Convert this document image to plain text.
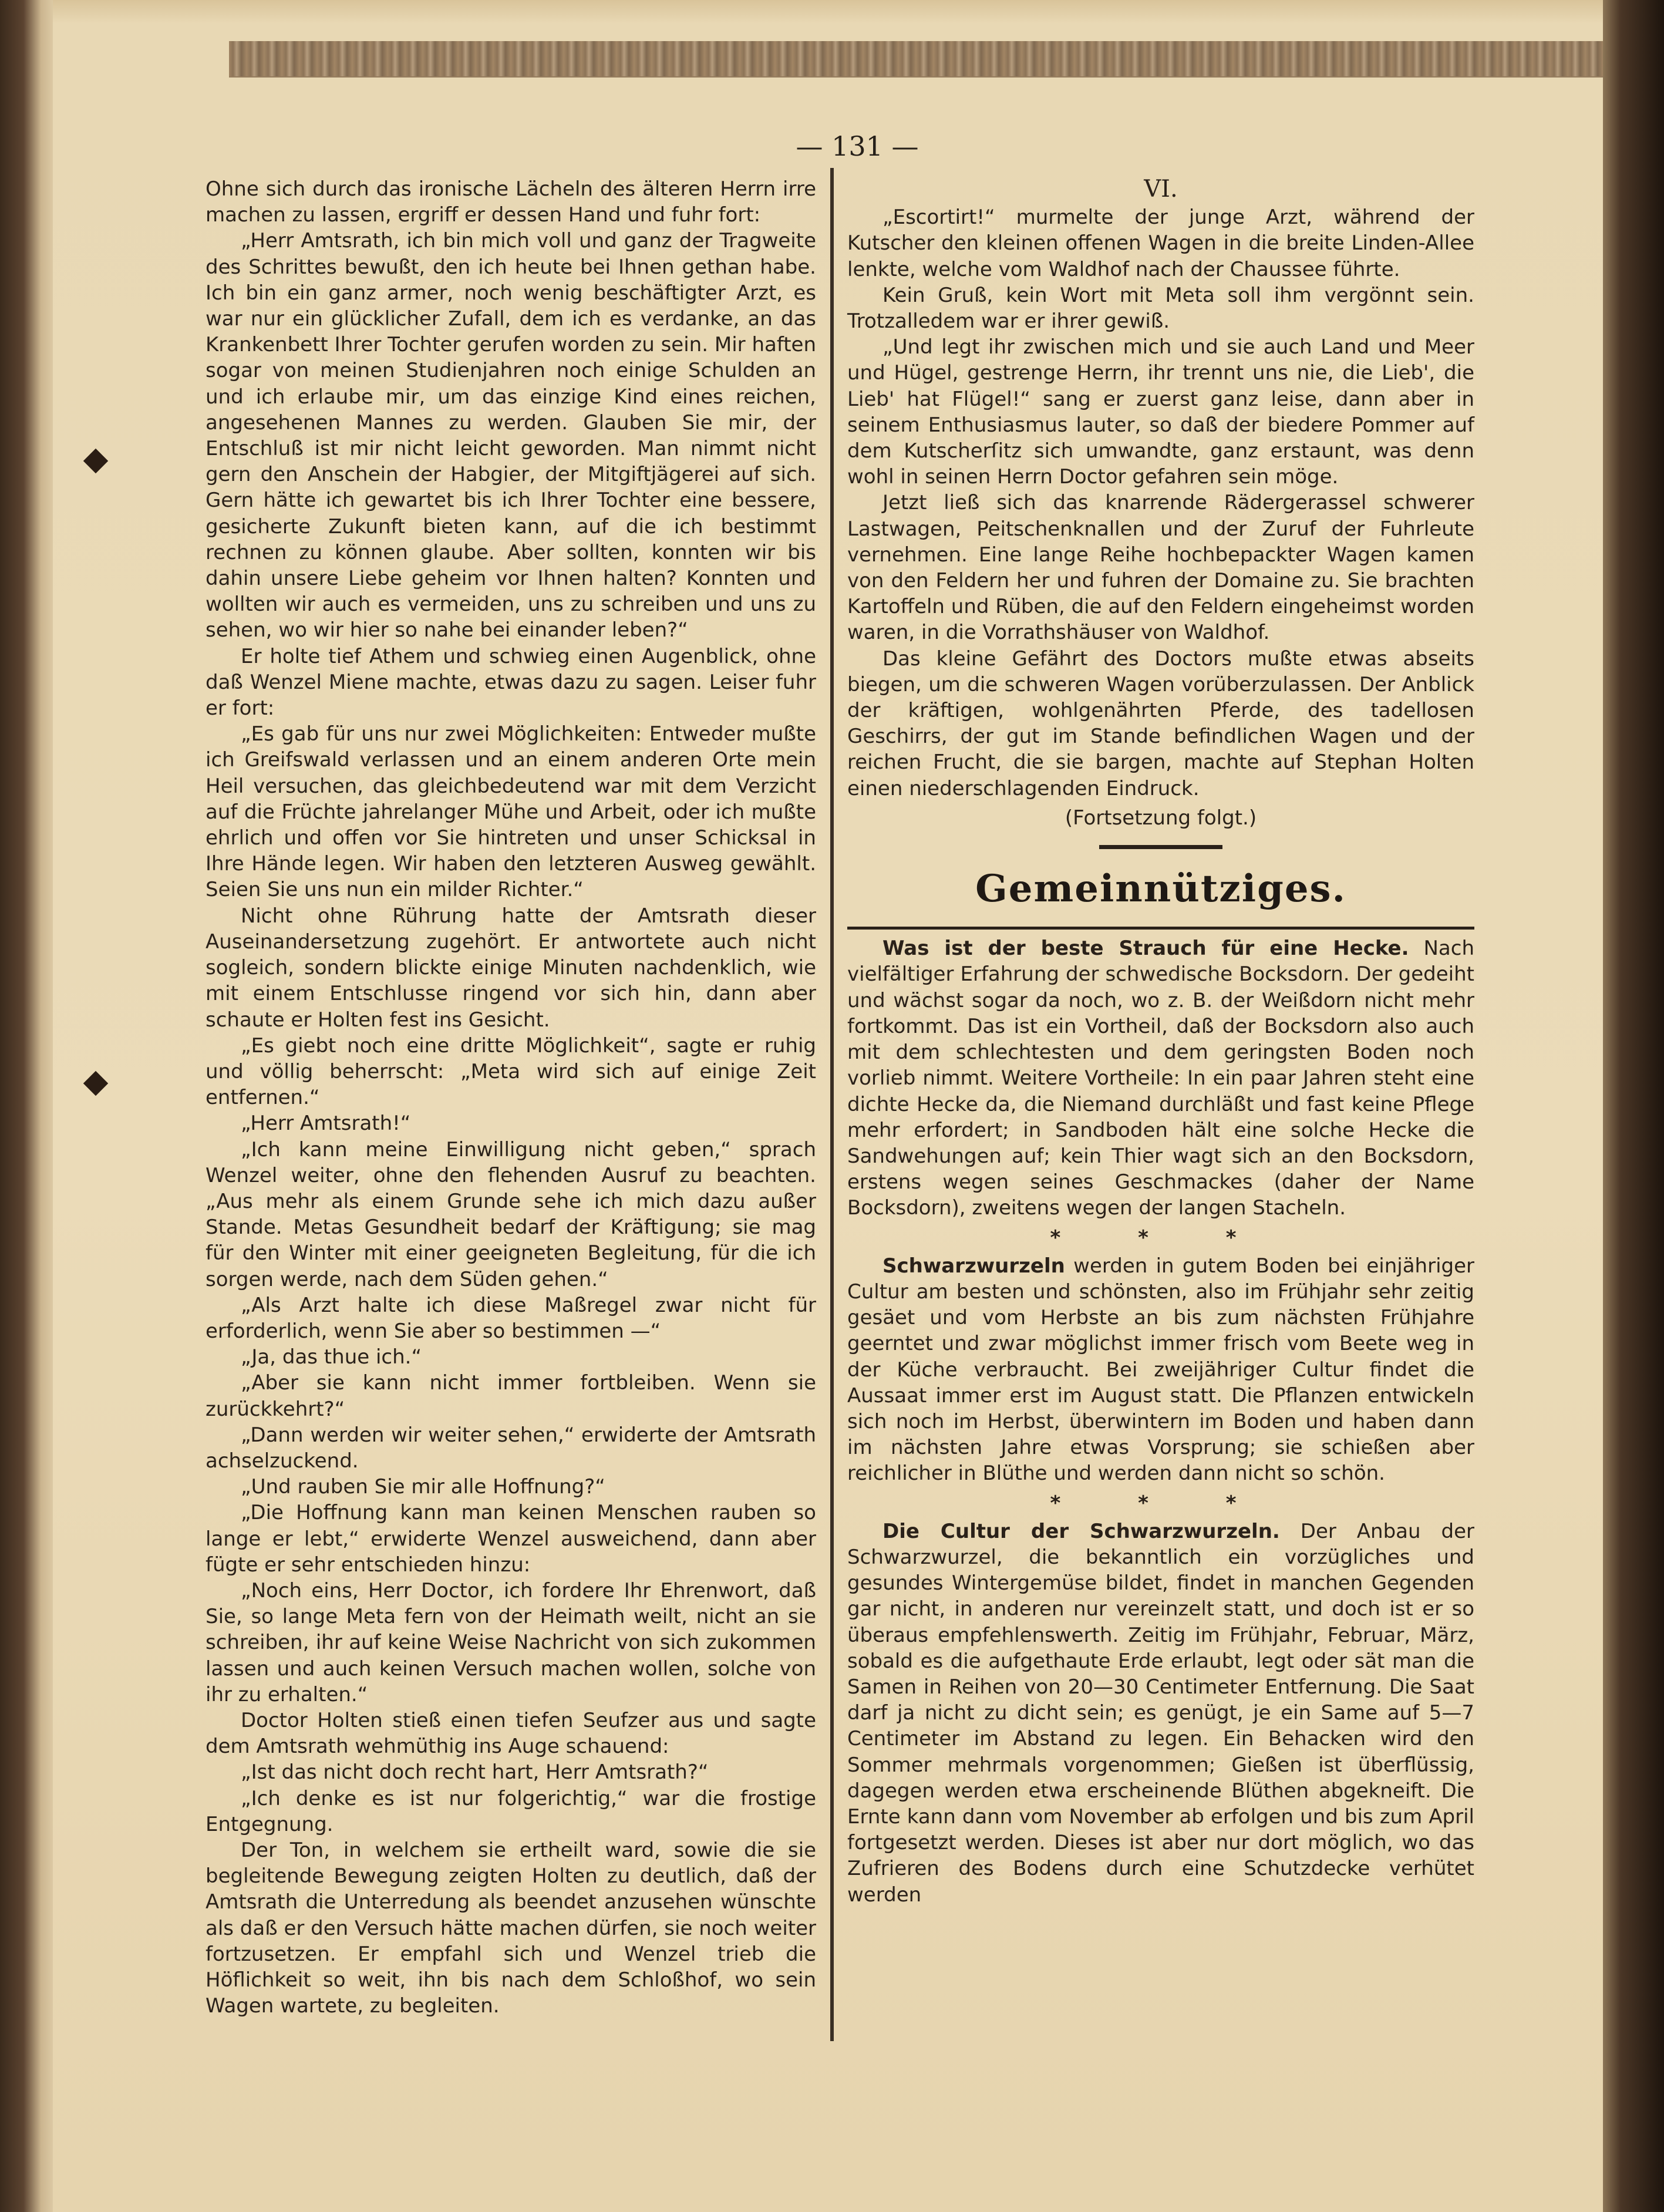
— 131 —

Ohne sich durch das ironische Lächeln des älteren Herrn irre machen zu lassen, ergriff er dessen Hand und fuhr fort:

„Herr Amtsrath, ich bin mich voll und ganz der Tragweite des Schrittes bewußt, den ich heute bei Ihnen gethan habe. Ich bin ein ganz armer, noch wenig beschäftigter Arzt, es war nur ein glücklicher Zufall, dem ich es verdanke, an das Krankenbett Ihrer Tochter gerufen worden zu sein. Mir haften sogar von meinen Studienjahren noch einige Schulden an und ich erlaube mir, um das einzige Kind eines reichen, angesehenen Mannes zu werden. Glauben Sie mir, der Entschluß ist mir nicht leicht geworden. Man nimmt nicht gern den Anschein der Habgier, der Mitgiftjägerei auf sich. Gern hätte ich gewartet bis ich Ihrer Tochter eine bessere, gesicherte Zukunft bieten kann, auf die ich bestimmt rechnen zu können glaube. Aber sollten, konnten wir bis dahin unsere Liebe geheim vor Ihnen halten? Konnten und wollten wir auch es vermeiden, uns zu schreiben und uns zu sehen, wo wir hier so nahe bei einander leben?“

Er holte tief Athem und schwieg einen Augenblick, ohne daß Wenzel Miene machte, etwas dazu zu sagen. Leiser fuhr er fort:

„Es gab für uns nur zwei Möglichkeiten: Entweder mußte ich Greifswald verlassen und an einem anderen Orte mein Heil versuchen, das gleichbedeutend war mit dem Verzicht auf die Früchte jahrelanger Mühe und Arbeit, oder ich mußte ehrlich und offen vor Sie hintreten und unser Schicksal in Ihre Hände legen. Wir haben den letzteren Ausweg gewählt. Seien Sie uns nun ein milder Richter.“

Nicht ohne Rührung hatte der Amtsrath dieser Auseinandersetzung zugehört. Er antwortete auch nicht sogleich, sondern blickte einige Minuten nachdenklich, wie mit einem Entschlusse ringend vor sich hin, dann aber schaute er Holten fest ins Gesicht.

„Es giebt noch eine dritte Möglichkeit“, sagte er ruhig und völlig beherrscht: „Meta wird sich auf einige Zeit entfernen.“

„Herr Amtsrath!“

„Ich kann meine Einwilligung nicht geben,“ sprach Wenzel weiter, ohne den flehenden Ausruf zu beachten. „Aus mehr als einem Grunde sehe ich mich dazu außer Stande. Metas Gesundheit bedarf der Kräftigung; sie mag für den Winter mit einer geeigneten Begleitung, für die ich sorgen werde, nach dem Süden gehen.“

„Als Arzt halte ich diese Maßregel zwar nicht für erforderlich, wenn Sie aber so bestimmen —“

„Ja, das thue ich.“

„Aber sie kann nicht immer fortbleiben. Wenn sie zurückkehrt?“

„Dann werden wir weiter sehen,“ erwiderte der Amtsrath achselzuckend.

„Und rauben Sie mir alle Hoffnung?“

„Die Hoffnung kann man keinen Menschen rauben so lange er lebt,“ erwiderte Wenzel ausweichend, dann aber fügte er sehr entschieden hinzu:

„Noch eins, Herr Doctor, ich fordere Ihr Ehrenwort, daß Sie, so lange Meta fern von der Heimath weilt, nicht an sie schreiben, ihr auf keine Weise Nachricht von sich zukommen lassen und auch keinen Versuch machen wollen, solche von ihr zu erhalten.“

Doctor Holten stieß einen tiefen Seufzer aus und sagte dem Amtsrath wehmüthig ins Auge schauend:

„Ist das nicht doch recht hart, Herr Amtsrath?“

„Ich denke es ist nur folgerichtig,“ war die frostige Entgegnung.

Der Ton, in welchem sie ertheilt ward, sowie die sie begleitende Bewegung zeigten Holten zu deutlich, daß der Amtsrath die Unterredung als beendet anzusehen wünschte als daß er den Versuch hätte machen dürfen, sie noch weiter fortzusetzen. Er empfahl sich und Wenzel trieb die Höflichkeit so weit, ihn bis nach dem Schloßhof, wo sein Wagen wartete, zu begleiten.

VI.

„Escortirt!“ murmelte der junge Arzt, während der Kutscher den kleinen offenen Wagen in die breite Linden-Allee lenkte, welche vom Waldhof nach der Chaussee führte.

Kein Gruß, kein Wort mit Meta soll ihm vergönnt sein. Trotzalledem war er ihrer gewiß.

„Und legt ihr zwischen mich und sie auch Land und Meer und Hügel, gestrenge Herrn, ihr trennt uns nie, die Lieb', die Lieb' hat Flügel!“ sang er zuerst ganz leise, dann aber in seinem Enthusiasmus lauter, so daß der biedere Pommer auf dem Kutscherſitz sich umwandte, ganz erstaunt, was denn wohl in seinen Herrn Doctor gefahren sein möge.

Jetzt ließ sich das knarrende Rädergerassel schwerer Lastwagen, Peitschenknallen und der Zuruf der Fuhrleute vernehmen. Eine lange Reihe hochbepackter Wagen kamen von den Feldern her und fuhren der Domaine zu. Sie brachten Kartoffeln und Rüben, die auf den Feldern eingeheimst worden waren, in die Vorrathshäuser von Waldhof.

Das kleine Gefährt des Doctors mußte etwas abseits biegen, um die schweren Wagen vorüberzulassen. Der Anblick der kräftigen, wohlgenährten Pferde, des tadellosen Geschirrs, der gut im Stande befindlichen Wagen und der reichen Frucht, die sie bargen, machte auf Stephan Holten einen niederschlagenden Eindruck.

(Fortsetzung folgt.)
Gemeinnütziges.

Was ist der beste Strauch für eine Hecke. Nach vielfältiger Erfahrung der schwedische Bocksdorn. Der gedeiht und wächst sogar da noch, wo z. B. der Weißdorn nicht mehr fortkommt. Das ist ein Vortheil, daß der Bocksdorn also auch mit dem schlechtesten und dem geringsten Boden noch vorlieb nimmt. Weitere Vortheile: In ein paar Jahren steht eine dichte Hecke da, die Niemand durchläßt und fast keine Pflege mehr erfordert; in Sandboden hält eine solche Hecke die Sandwehungen auf; kein Thier wagt sich an den Bocksdorn, erstens wegen seines Geschmackes (daher der Name Bocksdorn), zweitens wegen der langen Stacheln.

* * *

Schwarzwurzeln werden in gutem Boden bei einjähriger Cultur am besten und schönsten, also im Frühjahr sehr zeitig gesäet und vom Herbste an bis zum nächsten Frühjahre geerntet und zwar möglichst immer frisch vom Beete weg in der Küche verbraucht. Bei zweijähriger Cultur findet die Aussaat immer erst im August statt. Die Pflanzen entwickeln sich noch im Herbst, überwintern im Boden und haben dann im nächsten Jahre etwas Vorsprung; sie schießen aber reichlicher in Blüthe und werden dann nicht so schön.

* * *

Die Cultur der Schwarzwurzeln. Der Anbau der Schwarzwurzel, die bekanntlich ein vorzügliches und gesundes Wintergemüse bildet, findet in manchen Gegenden gar nicht, in anderen nur vereinzelt statt, und doch ist er so überaus empfehlenswerth. Zeitig im Frühjahr, Februar, März, sobald es die aufgethaute Erde erlaubt, legt oder sät man die Samen in Reihen von 20—30 Centimeter Entfernung. Die Saat darf ja nicht zu dicht sein; es genügt, je ein Same auf 5—7 Centimeter im Abstand zu legen. Ein Behacken wird den Sommer mehrmals vorgenommen; Gießen ist überflüssig, dagegen werden etwa erscheinende Blüthen abgekneift. Die Ernte kann dann vom November ab erfolgen und bis zum April fortgesetzt werden. Dieses ist aber nur dort möglich, wo das Zufrieren des Bodens durch eine Schutzdecke verhütet werden
